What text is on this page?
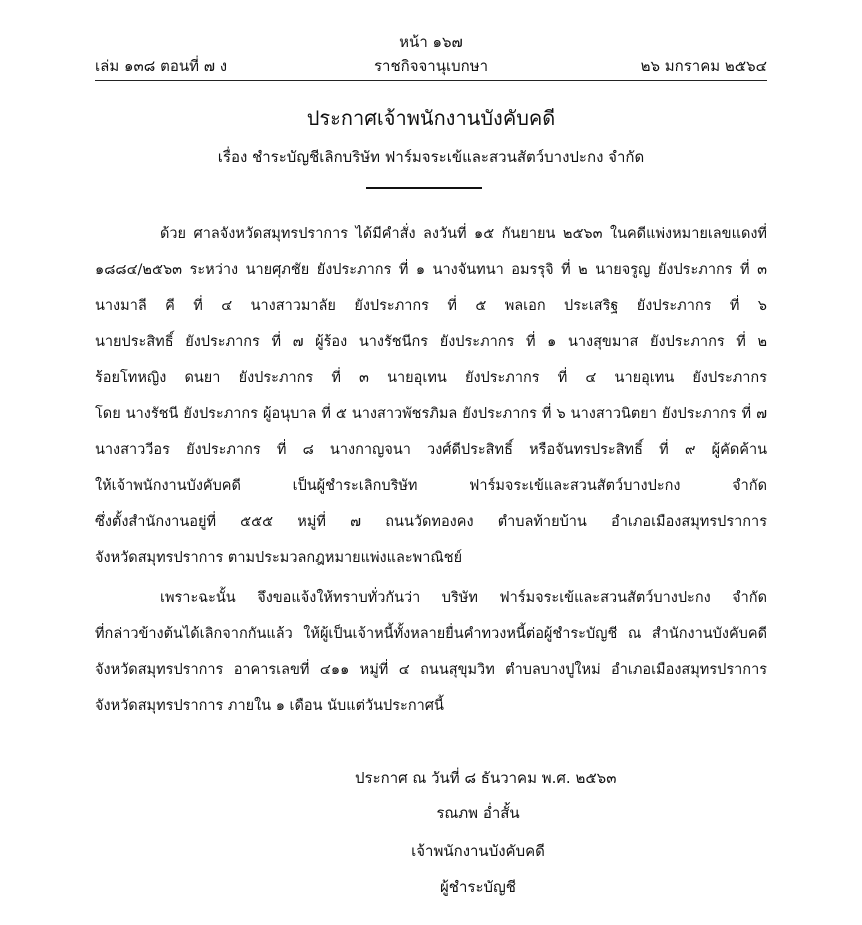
หน้า ๑๖๗
ราชกิจจานุเบกษา
เล่ม ๑๓๘ ตอนที่ ๗ ง	๒๖ มกราคม ๒๕๖๔
ประกาศเจ้าพนักงานบังคับคดี
เรื่อง ชำระบัญชีเลิกบริษัท ฟาร์มจระเข้และสวนสัตว์บางปะกง จำกัด
ด้วย ศาลจังหวัดสมุทรปราการ ได้มีคำสั่ง ลงวันที่ ๑๕ กันยายน ๒๕๖๓ ในคดีแพ่งหมายเลขแดงที่
๑๘๘๔/๒๕๖๓ ระหว่าง นายศุภชัย ยังประภากร ที่ ๑ นางจันทนา อมรรุจิ ที่ ๒ นายจรูญ ยังประภากร ที่ ๓
นางมาลี คี ที่ ๔ นางสาวมาลัย ยังประภากร ที่ ๕ พลเอก ประเสริฐ ยังประภากร ที่ ๖
นายประสิทธิ์ ยังประภากร ที่ ๗ ผู้ร้อง นางรัชนีกร ยังประภากร ที่ ๑ นางสุขมาส ยังประภากร ที่ ๒
ร้อยโทหญิง ดนยา ยังประภากร ที่ ๓ นายอุเทน ยังประภากร ที่ ๔ นายอุเทน ยังประภากร
โดย นางรัชนี ยังประภากร ผู้อนุบาล ที่ ๕ นางสาวพัชรภิมล ยังประภากร ที่ ๖ นางสาวนิตยา ยังประภากร ที่ ๗
นางสาววีอร ยังประภากร ที่ ๘ นางกาญจนา วงศ์ดีประสิทธิ์ หรือจันทรประสิทธิ์ ที่ ๙ ผู้คัดค้าน
ให้เจ้าพนักงานบังคับคดี เป็นผู้ชำระเลิกบริษัท ฟาร์มจระเข้และสวนสัตว์บางปะกง จำกัด
ซึ่งตั้งสำนักงานอยู่ที่ ๕๕๕ หมู่ที่ ๗ ถนนวัดทองคง ตำบลท้ายบ้าน อำเภอเมืองสมุทรปราการ
จังหวัดสมุทรปราการ ตามประมวลกฎหมายแพ่งและพาณิชย์
เพราะฉะนั้น จึงขอแจ้งให้ทราบทั่วกันว่า บริษัท ฟาร์มจระเข้และสวนสัตว์บางปะกง จำกัด
ที่กล่าวข้างต้นได้เลิกจากกันแล้ว ให้ผู้เป็นเจ้าหนี้ทั้งหลายยื่นคำทวงหนี้ต่อผู้ชำระบัญชี ณ สำนักงานบังคับคดี
จังหวัดสมุทรปราการ อาคารเลขที่ ๔๑๑ หมู่ที่ ๔ ถนนสุขุมวิท ตำบลบางปูใหม่ อำเภอเมืองสมุทรปราการ
จังหวัดสมุทรปราการ ภายใน ๑ เดือน นับแต่วันประกาศนี้
ประกาศ ณ วันที่ ๘ ธันวาคม พ.ศ. ๒๕๖๓
รณภพ อ่ำสั้น
เจ้าพนักงานบังคับคดี
ผู้ชำระบัญชี
